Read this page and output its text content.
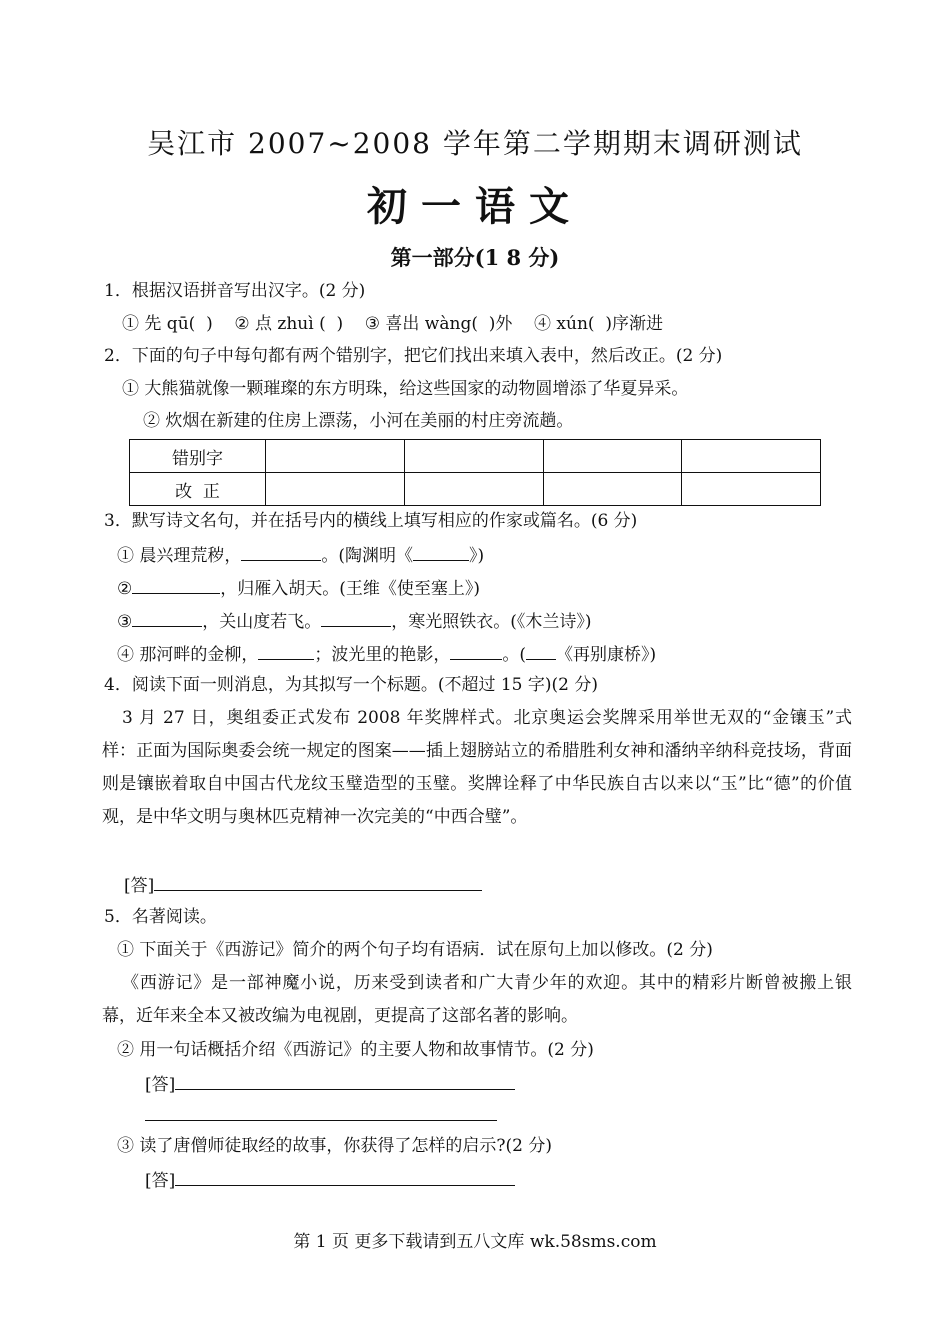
吴江市 2007~2008 学年第二学期期末调研测试
初一语文
第一部分(1 8 分)
1．根据汉语拼音写出汉字。(2 分)
① 先 qū(  )    ② 点 zhuì (  )    ③ 喜出 wàng(  )外    ④ xún(  )序渐进
2．下面的句子中每句都有两个错别字，把它们找出来填入表中，然后改正。(2 分)
① 大熊猫就像一颗璀璨的东方明珠，给这些国家的动物圆增添了华夏异采。
② 炊烟在新建的住房上漂荡，小河在美丽的村庄旁流趟。
错别字				
改  正				
3．默写诗文名句，并在括号内的横线上填写相应的作家或篇名。(6 分)
① 晨兴理荒秽，	。(陶渊明《	》)
②	，归雁入胡天。(王维《使至塞上》)
③	，关山度若飞。	，寒光照铁衣。(《木兰诗》)
④ 那河畔的金柳，	；波光里的艳影，	。( 《再别康桥》)
4．阅读下面一则消息，为其拟写一个标题。(不超过 15 字)(2 分)
3 月 27 日，奥组委正式发布 2008 年奖牌样式。北京奥运会奖牌采用举世无双的“金镶玉”式样：正面为国际奥委会统一规定的图案——插上翅膀站立的希腊胜利女神和潘纳辛纳科竞技场，背面则是镶嵌着取自中国古代龙纹玉璧造型的玉璧。奖牌诠释了中华民族自古以来以“玉”比“德”的价值观，是中华文明与奥林匹克精神一次完美的“中西合璧”。
[答]
5．名著阅读。
① 下面关于《西游记》简介的两个句子均有语病．试在原句上加以修改。(2 分)
《西游记》是一部神魔小说，历来受到读者和广大青少年的欢迎。其中的精彩片断曾被搬上银幕，近年来全本又被改编为电视剧，更提高了这部名著的影响。
② 用一句话概括介绍《西游记》的主要人物和故事情节。(2 分)
[答]
③ 读了唐僧师徒取经的故事，你获得了怎样的启示?(2 分)
[答]
第 1 页 更多下载请到五八文库 wk.58sms.com
